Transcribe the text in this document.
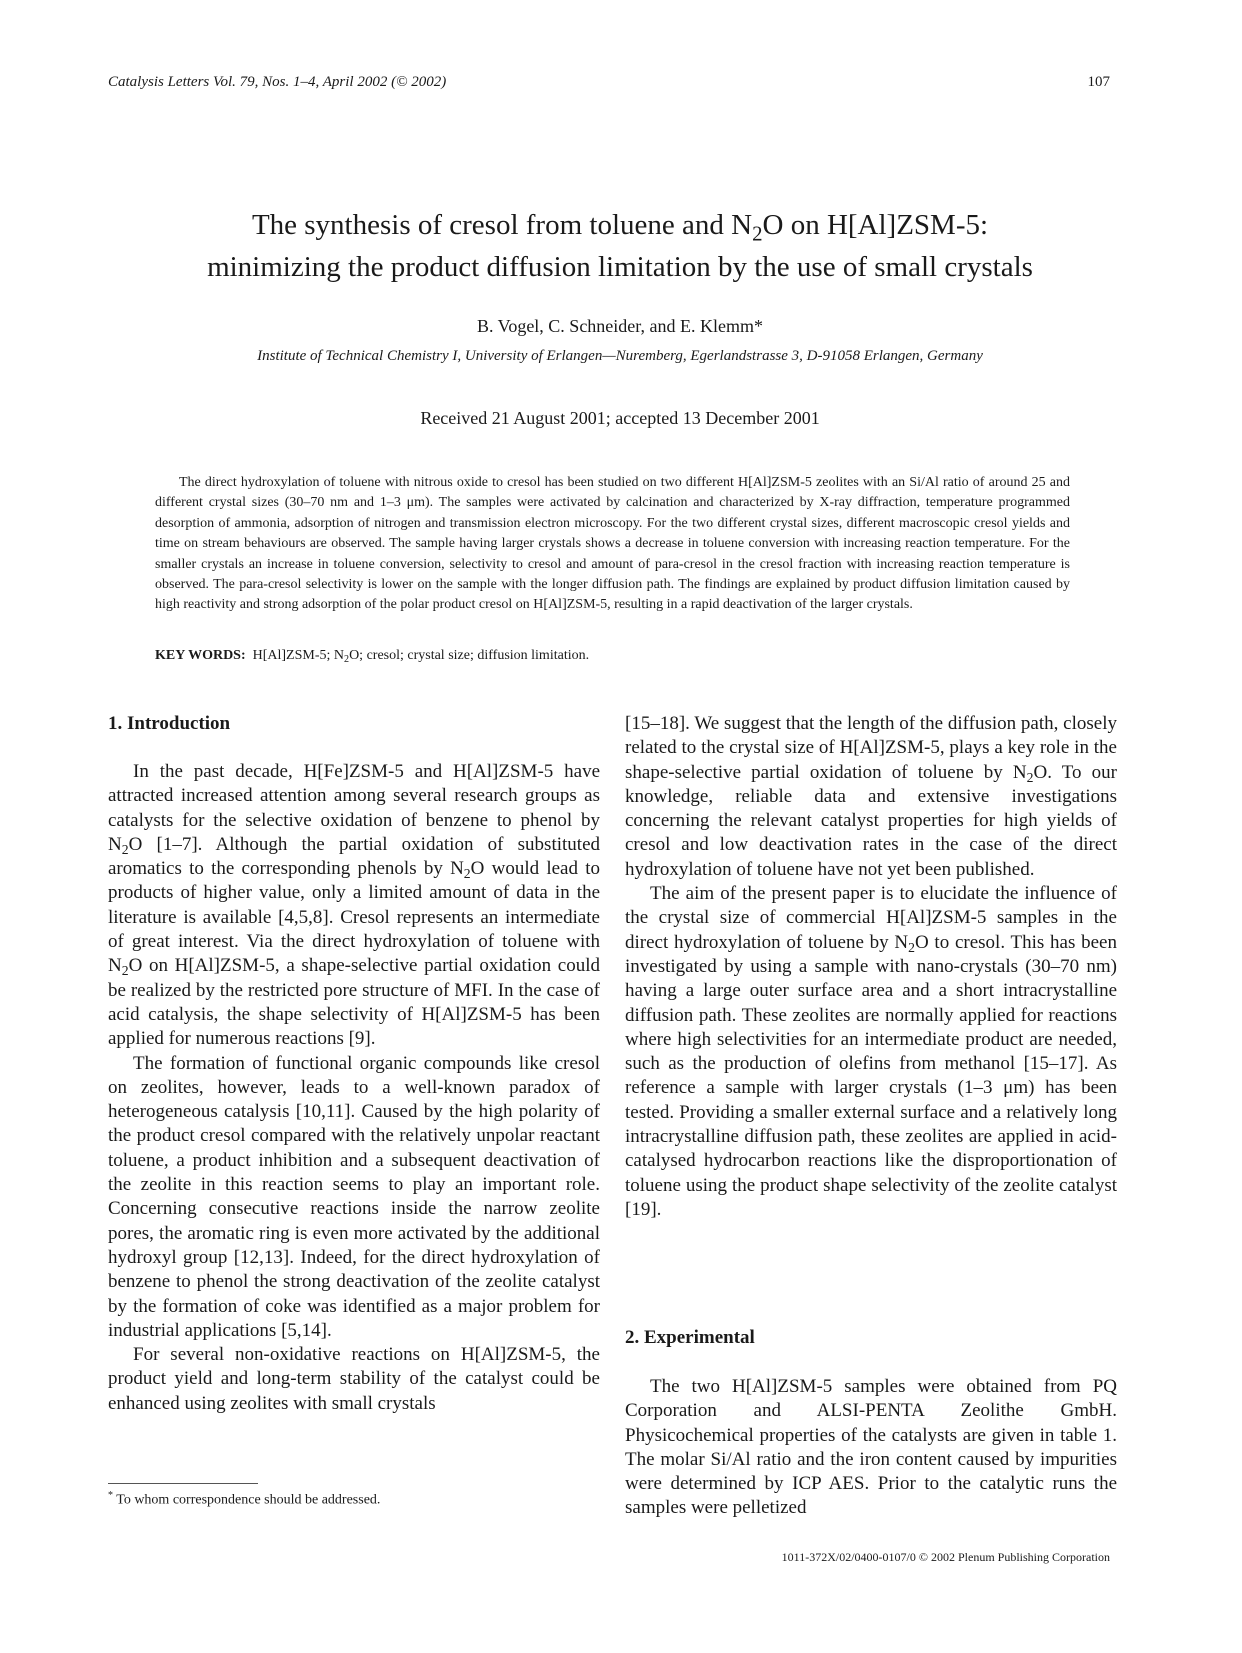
Catalysis Letters Vol. 79, Nos. 1–4, April 2002 (© 2002)	107
The synthesis of cresol from toluene and $N_2O$ on H[Al]ZSM-5:
minimizing the product diffusion limitation by the use of small crystals
B. Vogel, C. Schneider, and E. Klemm*
Institute of Technical Chemistry I, University of Erlangen—Nuremberg, Egerlandstrasse 3, D-91058 Erlangen, Germany
Received 21 August 2001; accepted 13 December 2001
The direct hydroxylation of toluene with nitrous oxide to cresol has been studied on two different H[Al]ZSM-5 zeolites with an Si/Al ratio of around 25 and different crystal sizes (30–70 nm and 1–3 μm). The samples were activated by calcination and characterized by X-ray diffraction, temperature programmed desorption of ammonia, adsorption of nitrogen and transmission electron microscopy. For the two different crystal sizes, different macroscopic cresol yields and time on stream behaviours are observed. The sample having larger crystals shows a decrease in toluene conversion with increasing reaction temperature. For the smaller crystals an increase in toluene conversion, selectivity to cresol and amount of para-cresol in the cresol fraction with increasing reaction temperature is observed. The para-cresol selectivity is lower on the sample with the longer diffusion path. The findings are explained by product diffusion limitation caused by high reactivity and strong adsorption of the polar product cresol on H[Al]ZSM-5, resulting in a rapid deactivation of the larger crystals.
KEY WORDS: H[Al]ZSM-5; $N_2O$; cresol; crystal size; diffusion limitation.
1. Introduction

In the past decade, H[Fe]ZSM-5 and H[Al]ZSM-5 have attracted increased attention among several research groups as catalysts for the selective oxidation of benzene to phenol by $N_2O$ [1–7]. Although the partial oxidation of substituted aromatics to the corresponding phenols by $N_2O$ would lead to products of higher value, only a limited amount of data in the literature is available [4,5,8]. Cresol represents an intermediate of great interest. Via the direct hydroxylation of toluene with $N_2O$ on H[Al]ZSM-5, a shape-selective partial oxidation could be realized by the restricted pore structure of MFI. In the case of acid catalysis, the shape selectivity of H[Al]ZSM-5 has been applied for numerous reactions [9].

The formation of functional organic compounds like cresol on zeolites, however, leads to a well-known paradox of heterogeneous catalysis [10,11]. Caused by the high polarity of the product cresol compared with the relatively unpolar reactant toluene, a product inhibition and a subsequent deactivation of the zeolite in this reaction seems to play an important role. Concerning consecutive reactions inside the narrow zeolite pores, the aromatic ring is even more activated by the additional hydroxyl group [12,13]. Indeed, for the direct hydroxylation of benzene to phenol the strong deactivation of the zeolite catalyst by the formation of coke was identified as a major problem for industrial applications [5,14].

For several non-oxidative reactions on H[Al]ZSM-5, the product yield and long-term stability of the catalyst could be enhanced using zeolites with small crystals

[15–18]. We suggest that the length of the diffusion path, closely related to the crystal size of H[Al]ZSM-5, plays a key role in the shape-selective partial oxidation of toluene by $N_2O$. To our knowledge, reliable data and extensive investigations concerning the relevant catalyst properties for high yields of cresol and low deactivation rates in the case of the direct hydroxylation of toluene have not yet been published.

The aim of the present paper is to elucidate the influence of the crystal size of commercial H[Al]ZSM-5 samples in the direct hydroxylation of toluene by $N_2O$ to cresol. This has been investigated by using a sample with nano-crystals (30–70 nm) having a large outer surface area and a short intracrystalline diffusion path. These zeolites are normally applied for reactions where high selectivities for an intermediate product are needed, such as the production of olefins from methanol [15–17]. As reference a sample with larger crystals (1–3 μm) has been tested. Providing a smaller external surface and a relatively long intracrystalline diffusion path, these zeolites are applied in acid-catalysed hydrocarbon reactions like the disproportionation of toluene using the product shape selectivity of the zeolite catalyst [19].

2. Experimental

The two H[Al]ZSM-5 samples were obtained from PQ Corporation and ALSI-PENTA Zeolithe GmbH. Physicochemical properties of the catalysts are given in table 1. The molar Si/Al ratio and the iron content caused by impurities were determined by ICP AES. Prior to the catalytic runs the samples were pelletized

* To whom correspondence should be addressed.
1011-372X/02/0400-0107/0 © 2002 Plenum Publishing Corporation
